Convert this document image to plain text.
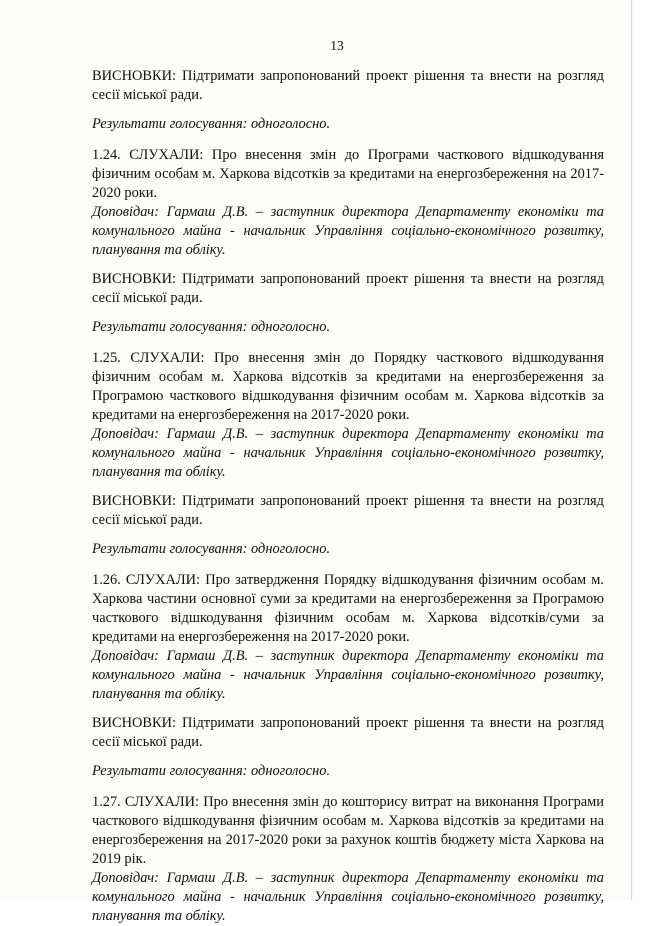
13

ВИСНОВКИ: Підтримати запропонований проект рішення та внести на розгляд сесії міської ради.

Результати голосування: одноголосно.

1.24. СЛУХАЛИ: Про внесення змін до Програми часткового відшкодування фізичним особам м. Харкова відсотків за кредитами на енергозбереження на 2017-2020 роки.

Доповідач: Гармаш Д.В. – заступник директора Департаменту економіки та комунального майна - начальник Управління соціально-економічного розвитку, планування та обліку.

ВИСНОВКИ: Підтримати запропонований проект рішення та внести на розгляд сесії міської ради.

Результати голосування: одноголосно.

1.25. СЛУХАЛИ: Про внесення змін до Порядку часткового відшкодування фізичним особам м. Харкова відсотків за кредитами на енергозбереження за Програмою часткового відшкодування фізичним особам м. Харкова відсотків за кредитами на енергозбереження на 2017-2020 роки.

Доповідач: Гармаш Д.В. – заступник директора Департаменту економіки та комунального майна - начальник Управління соціально-економічного розвитку, планування та обліку.

ВИСНОВКИ: Підтримати запропонований проект рішення та внести на розгляд сесії міської ради.

Результати голосування: одноголосно.

1.26. СЛУХАЛИ: Про затвердження Порядку відшкодування фізичним особам м. Харкова частини основної суми за кредитами на енергозбереження за Програмою часткового відшкодування фізичним особам м. Харкова відсотків/суми за кредитами на енергозбереження на 2017-2020 роки.

Доповідач: Гармаш Д.В. – заступник директора Департаменту економіки та комунального майна - начальник Управління соціально-економічного розвитку, планування та обліку.

ВИСНОВКИ: Підтримати запропонований проект рішення та внести на розгляд сесії міської ради.

Результати голосування: одноголосно.

1.27. СЛУХАЛИ: Про внесення змін до кошторису витрат на виконання Програми часткового відшкодування фізичним особам м. Харкова відсотків за кредитами на енергозбереження на 2017-2020 роки за рахунок коштів бюджету міста Харкова на 2019 рік.

Доповідач: Гармаш Д.В. – заступник директора Департаменту економіки та комунального майна - начальник Управління соціально-економічного розвитку, планування та обліку.
